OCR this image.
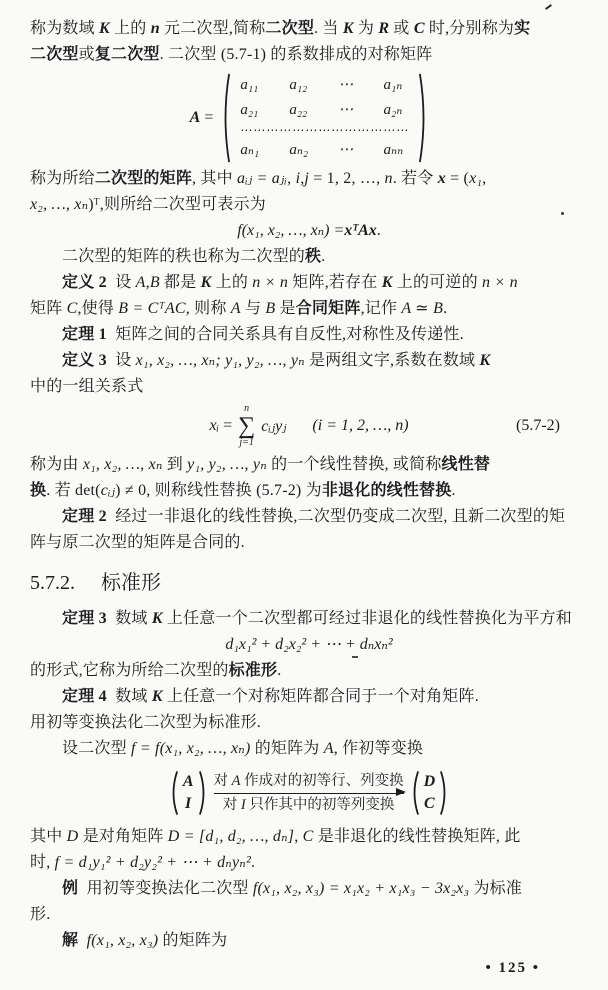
称为数域 K 上的 n 元二次型,简称二次型. 当 K 为 R 或 C 时,分别称为实
二次型或复二次型. 二次型 (5.7-1) 的系数排成的对称矩阵
A =
a₁₁	a₁₂	⋯	a₁ₙ
a₂₁	a₂₂	⋯	a₂ₙ
⋯⋯⋯⋯⋯⋯⋯⋯⋯⋯⋯⋯⋯
aₙ₁	aₙ₂	⋯	aₙₙ
称为所给二次型的矩阵, 其中 aᵢⱼ = aⱼᵢ, i,j = 1, 2, …, n. 若令 x = (x₁,
x₂, …, xₙ)ᵀ,则所给二次型可表示为
f(x₁, x₂, …, xₙ) = xᵀAx .
二次型的矩阵的秩也称为二次型的秩.
定义 2  设 A,B 都是 K 上的 n × n 矩阵,若存在 K 上的可逆的 n × n
矩阵 C,使得 B = CᵀAC, 则称 A 与 B 是合同矩阵,记作 A ≃ B.
定理 1  矩阵之间的合同关系具有自反性,对称性及传递性.
定义 3  设 x₁, x₂, …, xₙ; y₁, y₂, …, yₙ 是两组文字,系数在数域 K
中的一组关系式
xᵢ =
n
∑
j=1
cᵢⱼyⱼ (i = 1, 2, …, n)	(5.7-2)
称为由 x₁, x₂, …, xₙ 到 y₁, y₂, …, yₙ 的一个线性替换, 或简称线性替
换. 若 det(cᵢⱼ) ≠ 0, 则称线性替换 (5.7-2) 为非退化的线性替换.
定理 2  经过一非退化的线性替换,二次型仍变成二次型, 且新二次型的矩
阵与原二次型的矩阵是合同的.
5.7.2. 标准形
定理 3  数域 K 上任意一个二次型都可经过非退化的线性替换化为平方和
d₁x₁² + d₂x₂² + ⋯ + dₙxₙ²
的形式,它称为所给二次型的标准形.
定理 4  数域 K 上任意一个对称矩阵都合同于一个对角矩阵.
用初等变换法化二次型为标准形.
设二次型 f = f(x₁, x₂, …, xₙ) 的矩阵为 A, 作初等变换
A
I
对 A 作成对的初等行、列变换
对 I 只作其中的初等列变换
D
C
其中 D 是对角矩阵 D = [d₁, d₂, …, dₙ], C 是非退化的线性替换矩阵, 此
时, f = d₁y₁² + d₂y₂² + ⋯ + dₙyₙ².
例  用初等变换法化二次型 f(x₁, x₂, x₃) = x₁x₂ + x₁x₃ − 3x₂x₃ 为标准
形.
解 f(x₁, x₂, x₃) 的矩阵为
• 125 •
